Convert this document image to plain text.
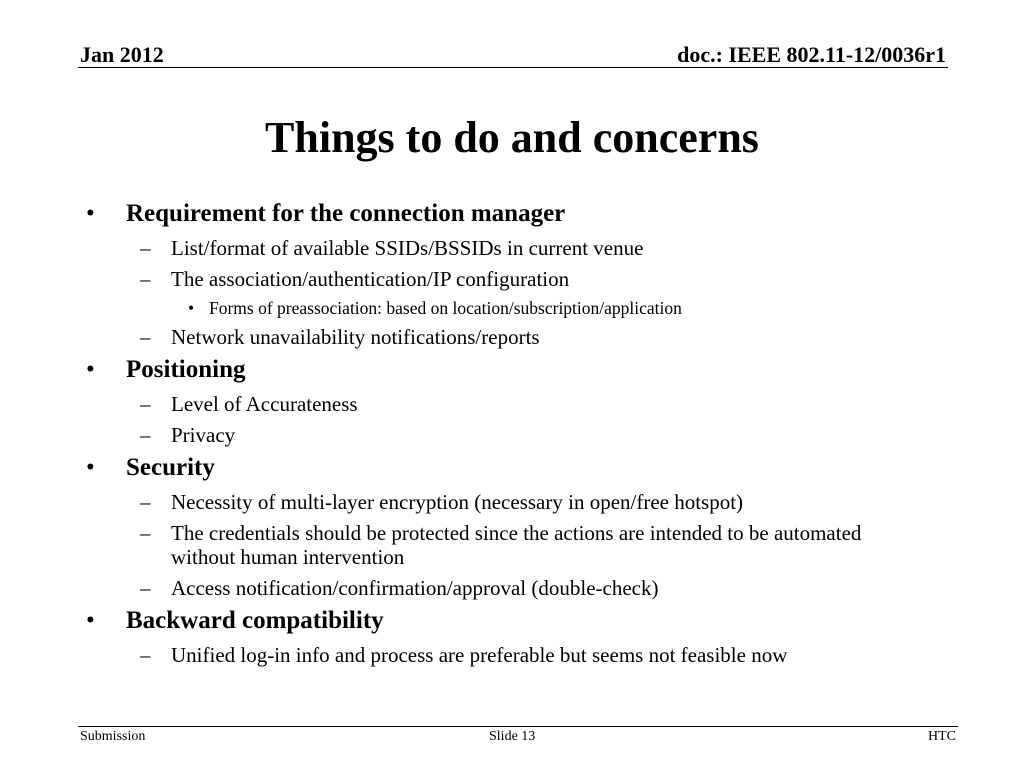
Jan 2012	doc.: IEEE 802.11-12/0036r1
Things to do and concerns
• Requirement for the connection manager
– List/format of available SSIDs/BSSIDs in current venue
– The association/authentication/IP configuration
• Forms of preassociation: based on location/subscription/application
– Network unavailability notifications/reports
• Positioning
– Level of Accurateness
– Privacy
• Security
– Necessity of multi-layer encryption (necessary in open/free hotspot)
– The credentials should be protected since the actions are intended to be automated without human intervention
– Access notification/confirmation/approval (double-check)
• Backward compatibility
– Unified log-in info and process are preferable but seems not feasible now
Submission	Slide 13	HTC
